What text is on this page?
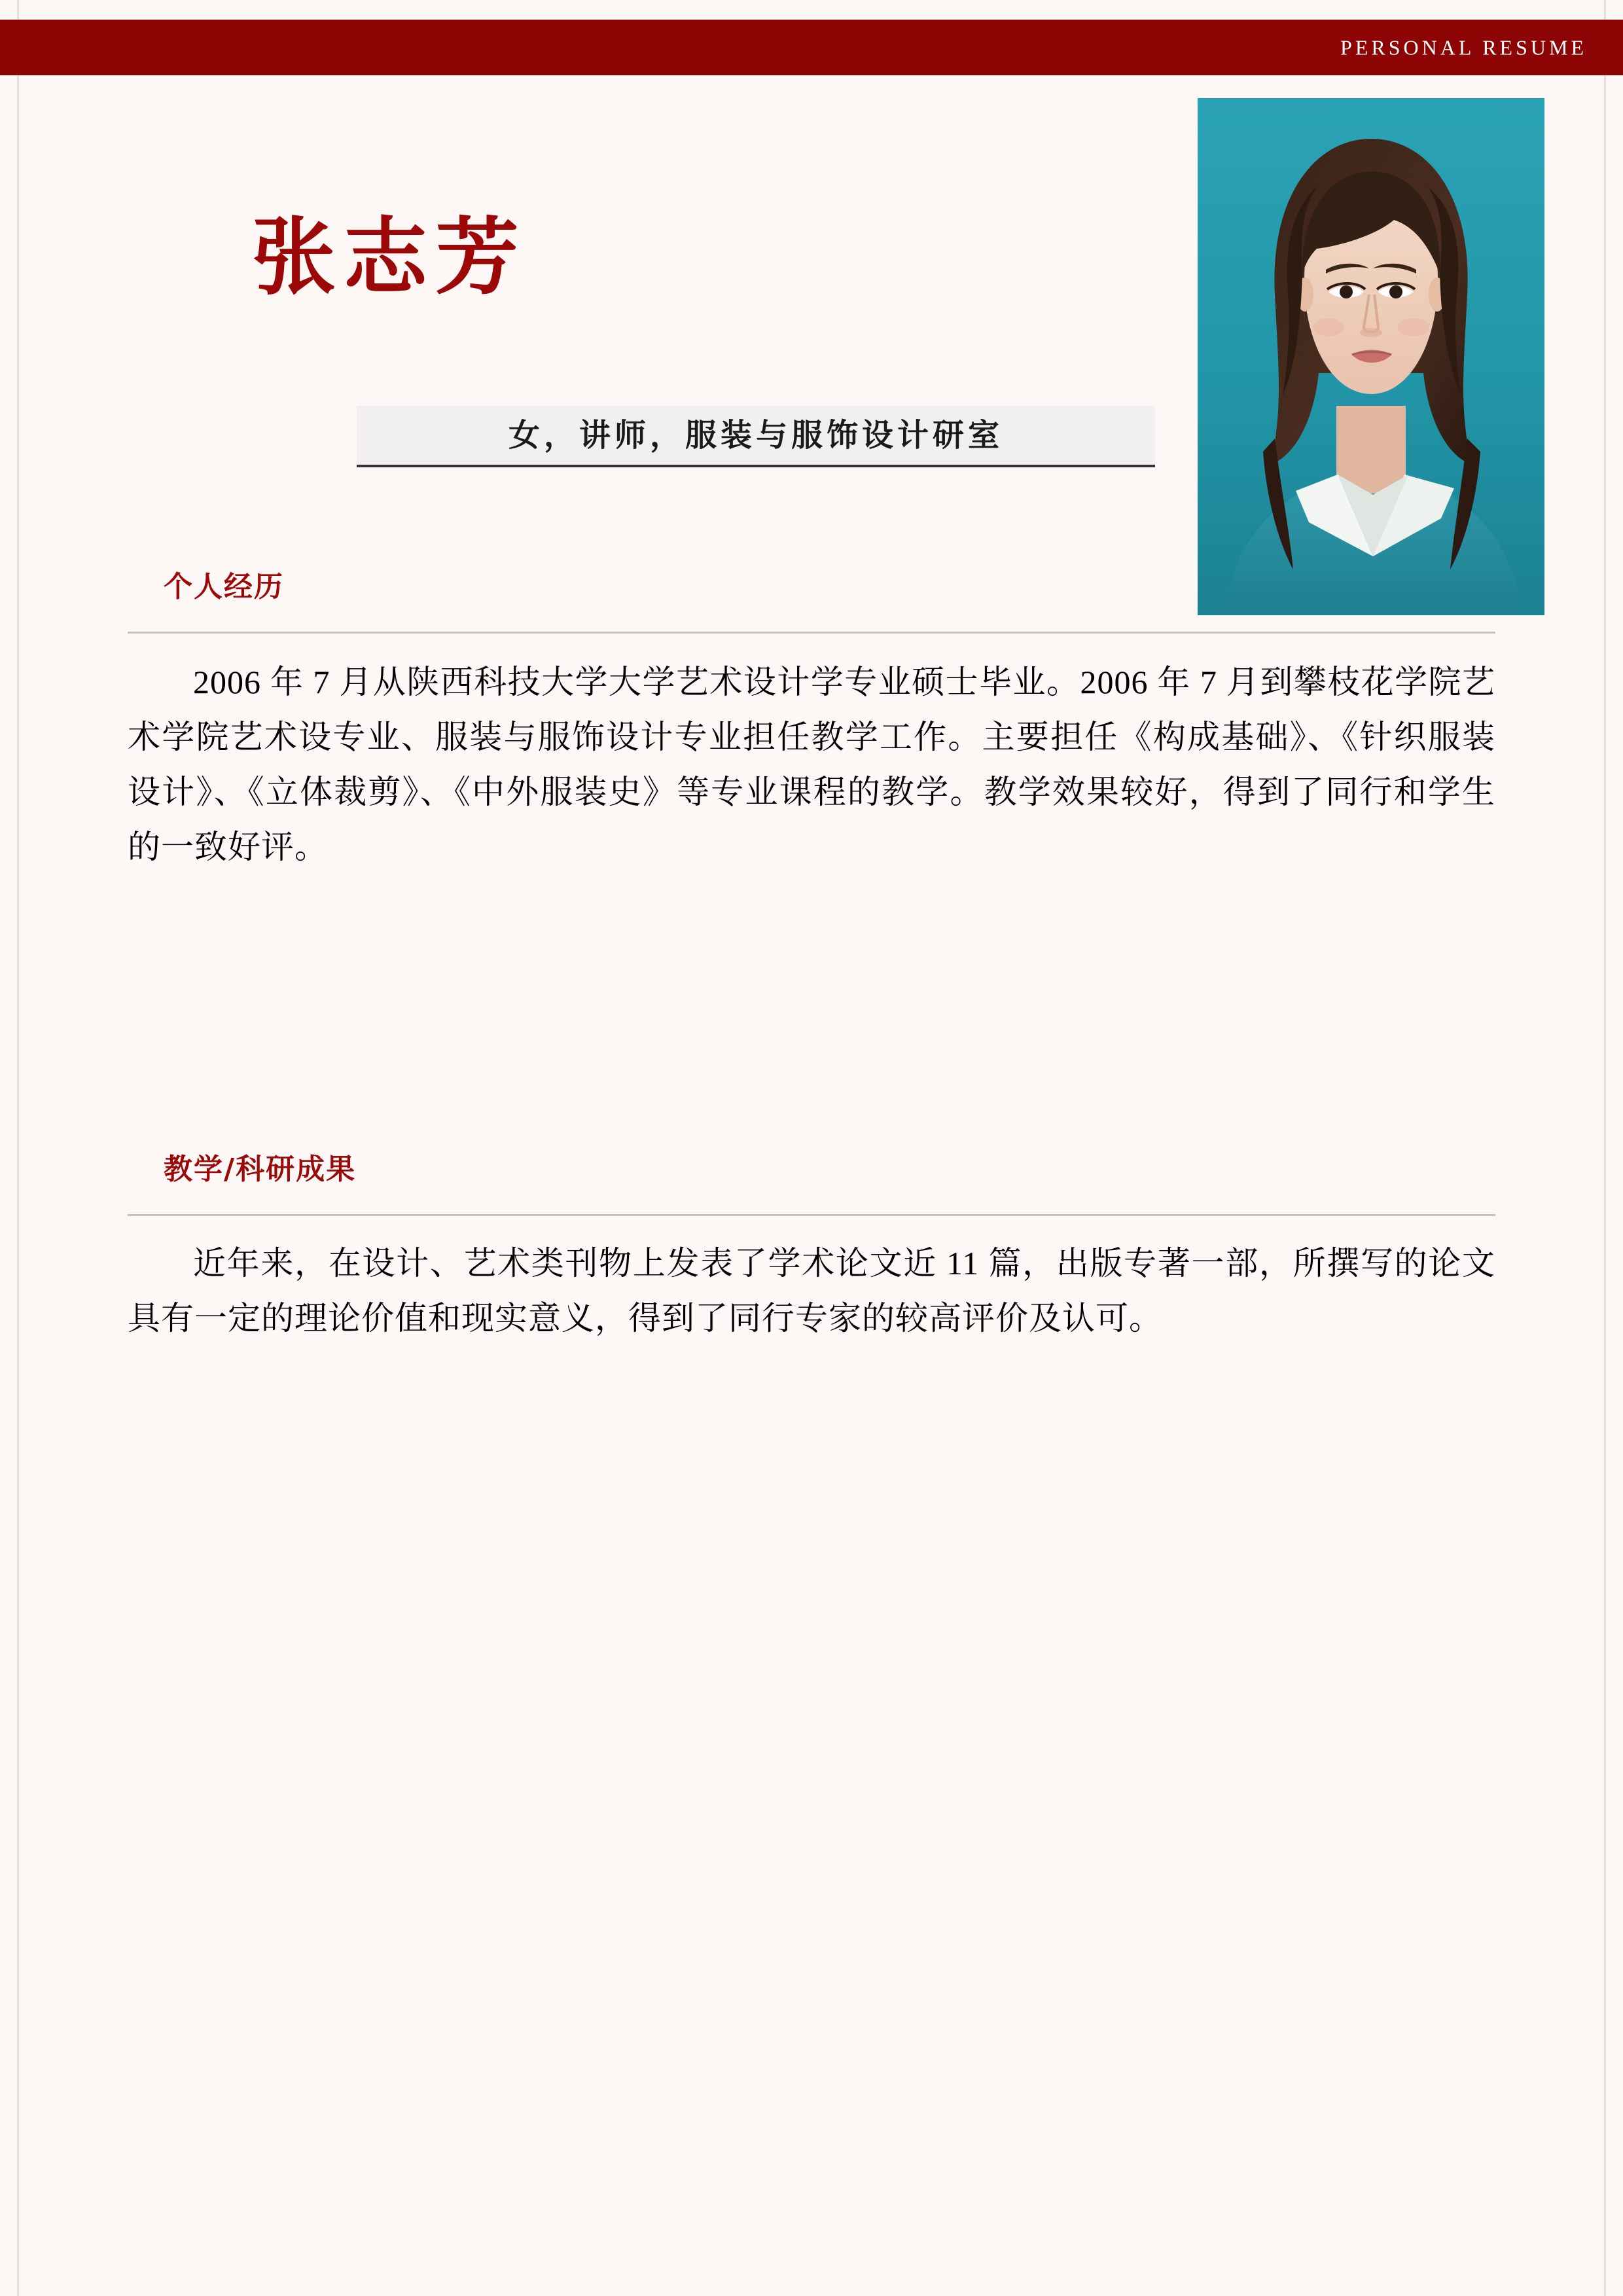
PERSONAL RESUME
张志芳
女，讲师，服装与服饰设计研室
个人经历
2006 年 7 月从陕西科技大学大学艺术设计学专业硕士毕业。2006 年 7 月到攀枝花学院艺术学院艺术设专业、服装与服饰设计专业担任教学工作。主要担任《构成基础》、《针织服装设计》、《立体裁剪》、《中外服装史》等专业课程的教学。教学效果较好，得到了同行和学生的一致好评。
教学/科研成果
近年来，在设计、艺术类刊物上发表了学术论文近 11 篇，出版专著一部，所撰写的论文具有一定的理论价值和现实意义，得到了同行专家的较高评价及认可。
